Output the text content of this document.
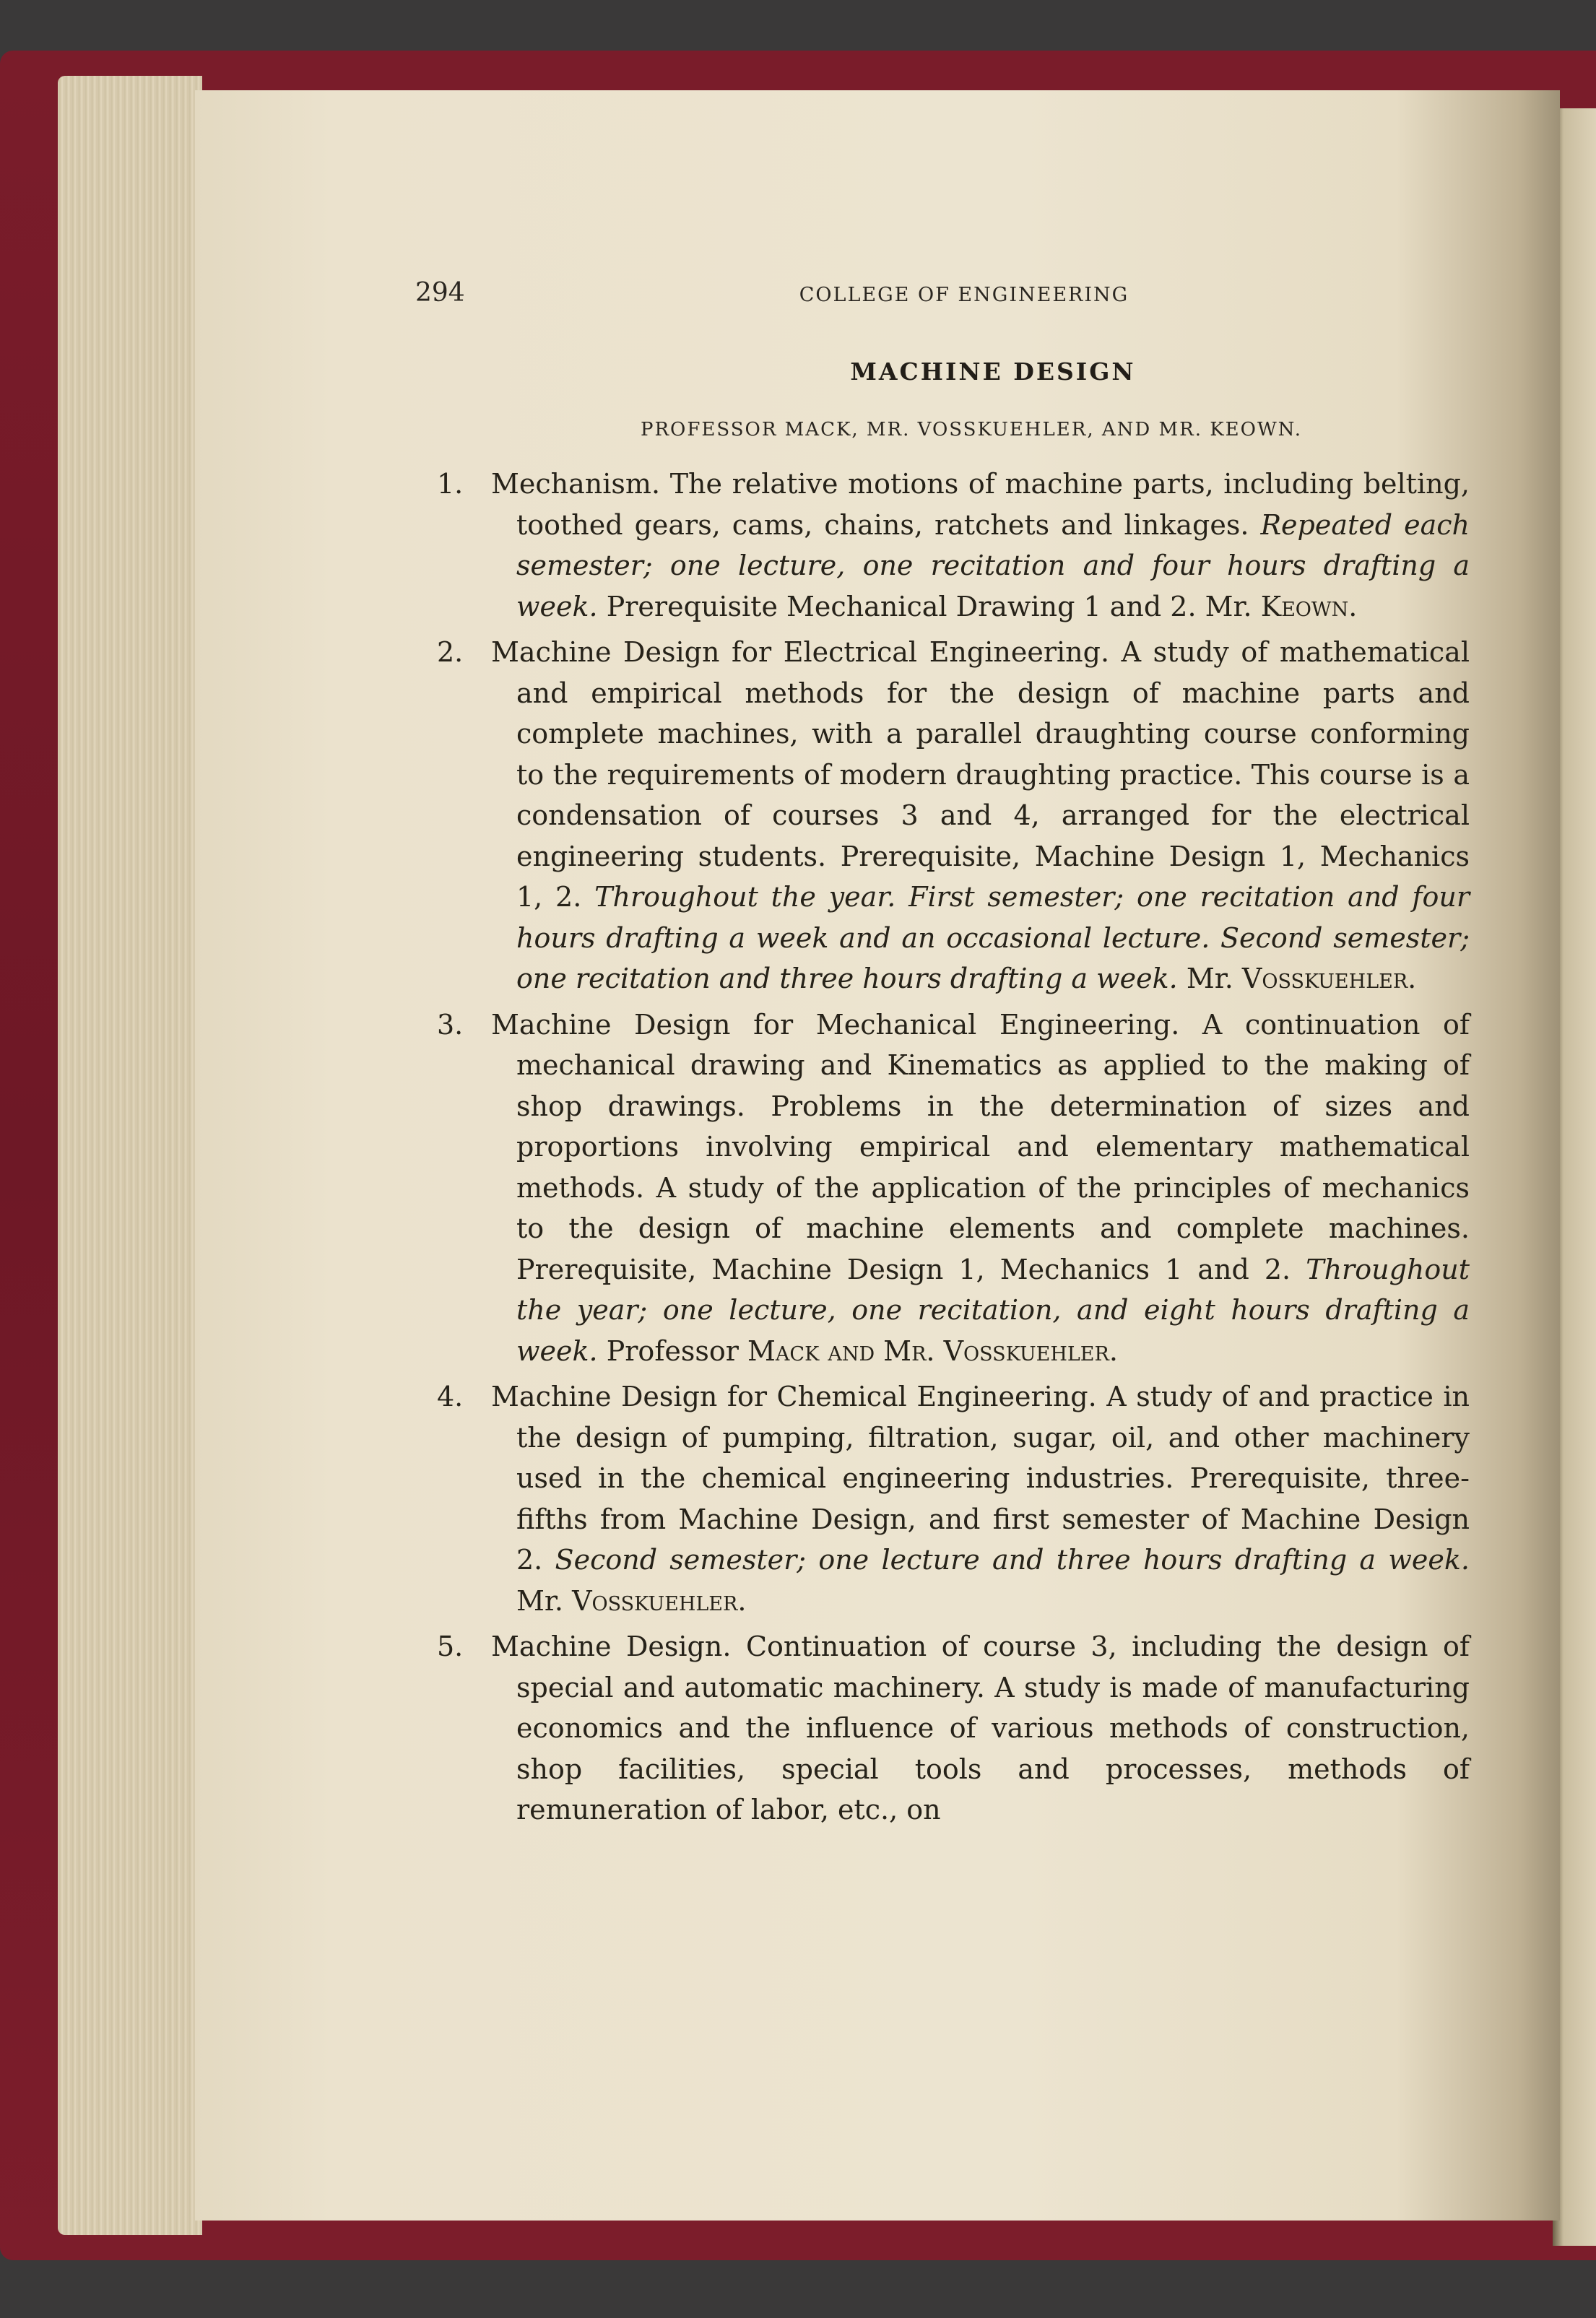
294	COLLEGE OF ENGINEERING
MACHINE DESIGN
PROFESSOR MACK, MR. VOSSKUEHLER, AND MR. KEOWN.
1. Mechanism. The relative motions of machine parts, including belting, toothed gears, cams, chains, ratchets and linkages. Repeated each semester; one lecture, one recitation and four hours drafting a week. Prerequisite Mechanical Drawing 1 and 2. Mr. Keown.
2. Machine Design for Electrical Engineering. A study of mathematical and empirical methods for the design of machine parts and complete machines, with a parallel draughting course conforming to the requirements of modern draughting practice. This course is a condensation of courses 3 and 4, arranged for the electrical engineering students. Prerequisite, Machine Design 1, Mechanics 1, 2. Throughout the year. First semester; one recitation and four hours drafting a week and an occasional lecture. Second semester; one recitation and three hours drafting a week. Mr. Vosskuehler.
3. Machine Design for Mechanical Engineering. A continuation of mechanical drawing and Kinematics as applied to the making of shop drawings. Problems in the determination of sizes and proportions involving empirical and elementary mathematical methods. A study of the application of the principles of mechanics to the design of machine elements and complete machines. Prerequisite, Machine Design 1, Mechanics 1 and 2. Throughout the year; one lecture, one recitation, and eight hours drafting a week. Professor Mack and Mr. Vosskuehler.
4. Machine Design for Chemical Engineering. A study of and practice in the design of pumping, filtration, sugar, oil, and other machinery used in the chemical engineering industries. Prerequisite, three-fifths from Machine Design, and first semester of Machine Design 2. Second semester; one lecture and three hours drafting a week. Mr. Vosskuehler.
5. Machine Design. Continuation of course 3, including the design of special and automatic machinery. A study is made of manufacturing economics and the influence of various methods of construction, shop facilities, special tools and processes, methods of remuneration of labor, etc., on
